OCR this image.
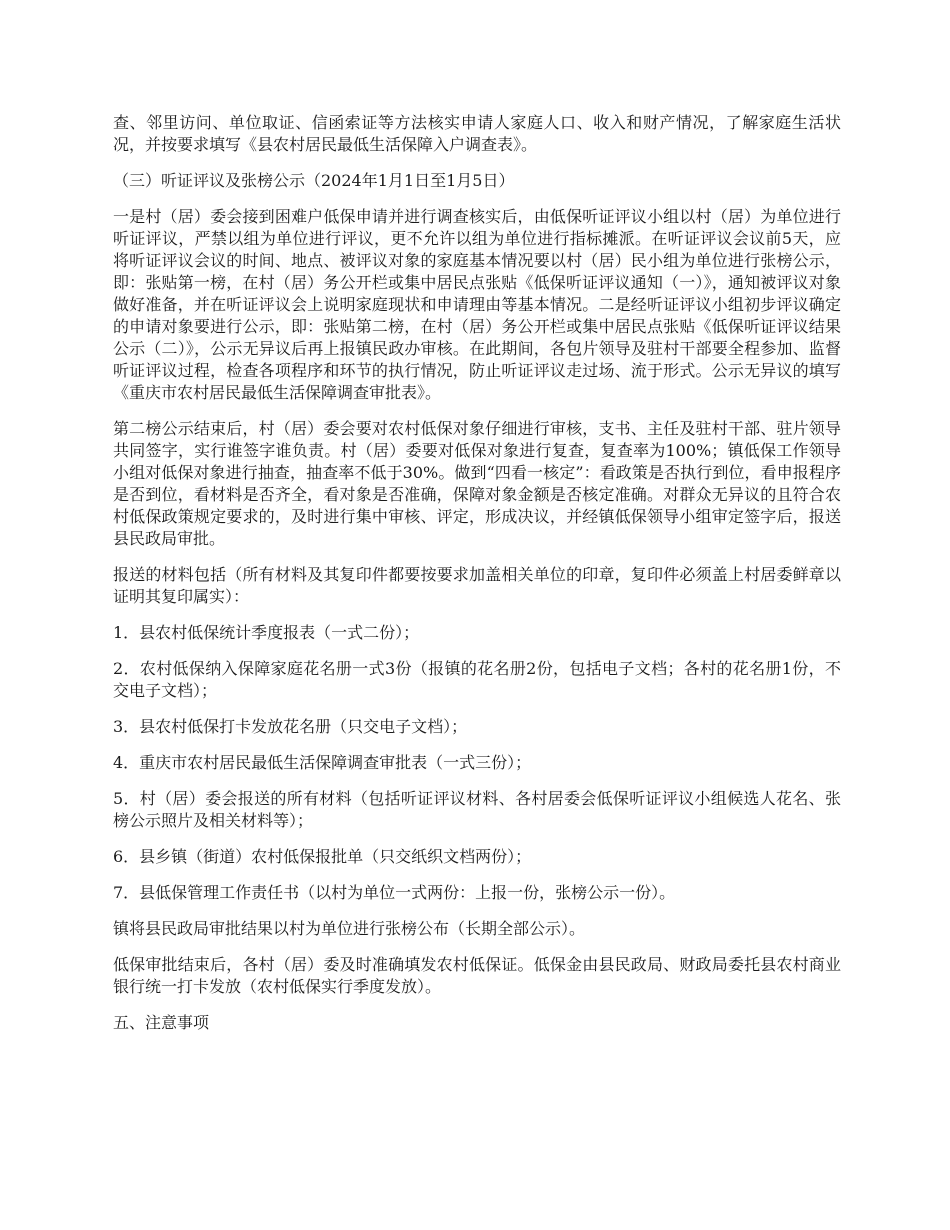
查、邻里访问、单位取证、信函索证等方法核实申请人家庭人口、收入和财产情况，了解家庭生活状况，并按要求填写《县农村居民最低生活保障入户调查表》。

（三）听证评议及张榜公示（2024年1月1日至1月5日）

一是村（居）委会接到困难户低保申请并进行调查核实后，由低保听证评议小组以村（居）为单位进行听证评议，严禁以组为单位进行评议，更不允许以组为单位进行指标摊派。在听证评议会议前5天，应将听证评议会议的时间、地点、被评议对象的家庭基本情况要以村（居）民小组为单位进行张榜公示，即：张贴第一榜，在村（居）务公开栏或集中居民点张贴《低保听证评议通知（一）》，通知被评议对象做好准备，并在听证评议会上说明家庭现状和申请理由等基本情况。二是经听证评议小组初步评议确定的申请对象要进行公示，即：张贴第二榜，在村（居）务公开栏或集中居民点张贴《低保听证评议结果公示（二）》，公示无异议后再上报镇民政办审核。在此期间，各包片领导及驻村干部要全程参加、监督听证评议过程，检查各项程序和环节的执行情况，防止听证评议走过场、流于形式。公示无异议的填写《重庆市农村居民最低生活保障调查审批表》。

第二榜公示结束后，村（居）委会要对农村低保对象仔细进行审核，支书、主任及驻村干部、驻片领导共同签字，实行谁签字谁负责。村（居）委要对低保对象进行复查，复查率为100%；镇低保工作领导小组对低保对象进行抽查，抽查率不低于30%。做到“四看一核定”：看政策是否执行到位，看申报程序是否到位，看材料是否齐全，看对象是否准确，保障对象金额是否核定准确。对群众无异议的且符合农村低保政策规定要求的，及时进行集中审核、评定，形成决议，并经镇低保领导小组审定签字后，报送县民政局审批。

报送的材料包括（所有材料及其复印件都要按要求加盖相关单位的印章，复印件必须盖上村居委鲜章以证明其复印属实）：

1．县农村低保统计季度报表（一式二份）；

2．农村低保纳入保障家庭花名册一式3份（报镇的花名册2份，包括电子文档；各村的花名册1份，不交电子文档）；

3．县农村低保打卡发放花名册（只交电子文档）；

4．重庆市农村居民最低生活保障调查审批表（一式三份）；

5．村（居）委会报送的所有材料（包括听证评议材料、各村居委会低保听证评议小组候选人花名、张榜公示照片及相关材料等）；

6．县乡镇（街道）农村低保报批单（只交纸织文档两份）；

7．县低保管理工作责任书（以村为单位一式两份：上报一份，张榜公示一份）。

镇将县民政局审批结果以村为单位进行张榜公布（长期全部公示）。

低保审批结束后，各村（居）委及时准确填发农村低保证。低保金由县民政局、财政局委托县农村商业银行统一打卡发放（农村低保实行季度发放）。

五、注意事项
